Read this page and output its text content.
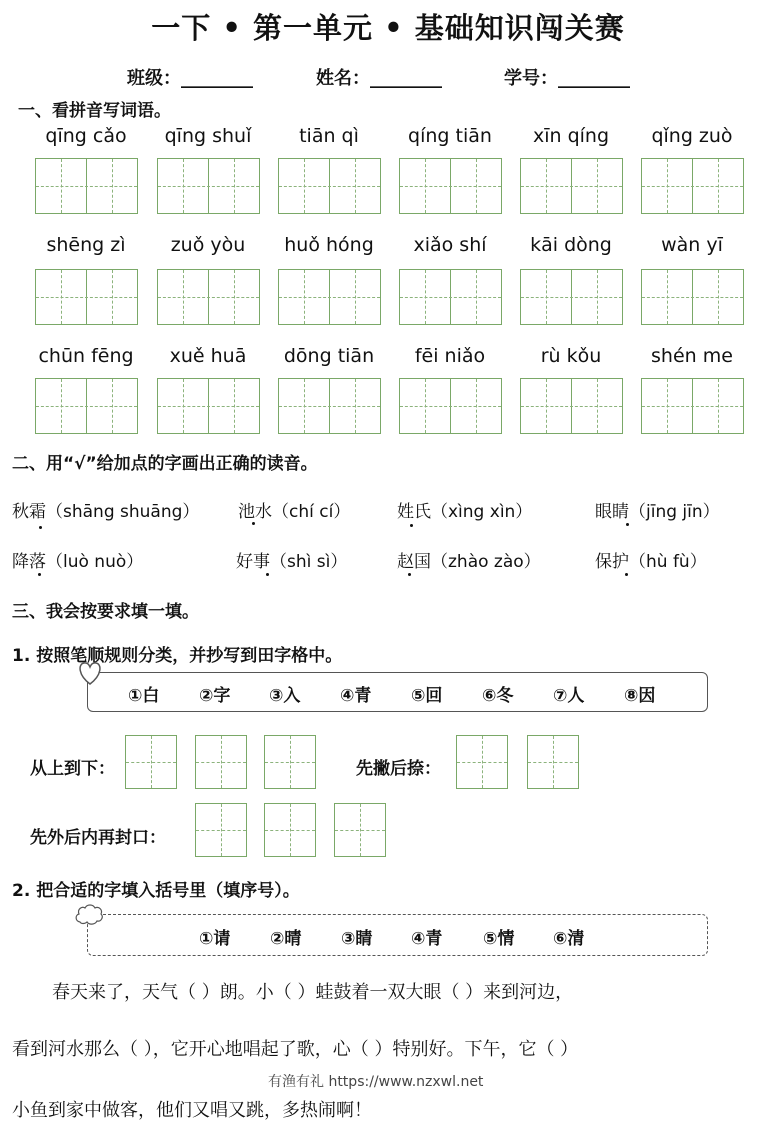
一下 • 第一单元 • 基础知识闯关赛
班级：________	姓名：________	学号：________
一、看拼音写词语。
qīng cǎo	qīng shuǐ	tiān qì	qíng tiān	xīn qíng	qǐng zuò
shēng zì	zuǒ yòu	huǒ hóng	xiǎo shí	kāi dòng	wàn yī
chūn fēng	xuě huā	dōng tiān	fēi niǎo	rù kǒu	shén me
二、用“√”给加点的字画出正确的读音。
秋霜（shāng shuāng） 池水（chí cí）	姓氏（xìng xìn）	眼睛（jīng jīn）
降落（luò nuò）	好事（shì sì）	赵国（zhào zào）	保护（hù fù）
三、我会按要求填一填。
1. 按照笔顺规则分类，并抄写到田字格中。
①白 ②字 ③入 ④青 ⑤回 ⑥冬 ⑦人 ⑧因
从上到下：	先撇后捺：
先外后内再封口：
2. 把合适的字填入括号里（填序号）。
①请 ②晴 ③睛 ④青 ⑤情 ⑥清
春天来了，天气（ ）朗。小（ ）蛙鼓着一双大眼（ ）来到河边，
看到河水那么（ ），它开心地唱起了歌，心（ ）特别好。下午，它（ ）
有渔有礼 https://www.nzxwl.net
小鱼到家中做客，他们又唱又跳，多热闹啊！
